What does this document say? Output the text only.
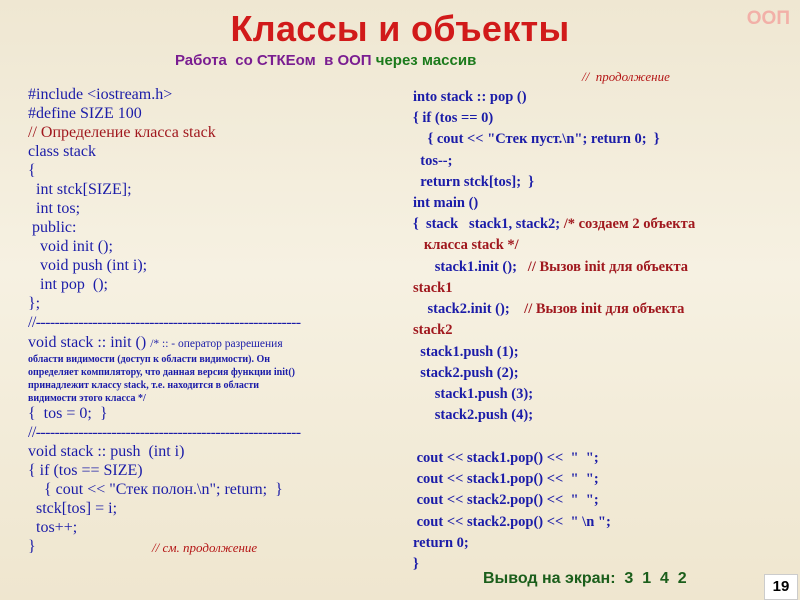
Классы и объекты	ООП
Работа  со СТКЕом  в ООП через массив
//  продолжение
#include <iostream.h>
#define SIZE 100
// Определение класса stack
class stack
{
int stck[SIZE];
int tos;
public:
void init ();
void push (int i);
int pop  ();
};
//--------------------------------------------------------
void stack :: init () /* :: - оператор разрешения
области видимости (доступ к области видимости). Он
определяет компилятору, что данная версия функции init()
принадлежит классу stack, т.е. находится в области
видимости этого класса */
{  tos = 0;  }
//--------------------------------------------------------
void stack :: push  (int i)
{ if (tos == SIZE)
{ cout << "Стек полон.\n"; return;  }
stck[tos] = i;
tos++;
}	// см. продолжение
into stack :: pop ()
{ if (tos == 0)
{ cout << "Стек пуст.\n"; return 0;  }
tos--;
return stck[tos];  }
int main ()
{  stack   stack1, stack2; /* создаем 2 объекта
класса stack */
stack1.init ();   // Вызов init для объекта
stack1
stack2.init ();    // Вызов init для объекта
stack2
stack1.push (1);
stack2.push (2);
stack1.push (3);
stack2.push (4);
cout << stack1.pop() <<  "  ";
cout << stack1.pop() <<  "  ";
cout << stack2.pop() <<  "  ";
cout << stack2.pop() <<  " \n ";
return 0;
}
Вывод на экран:  3  1  4  2	19
